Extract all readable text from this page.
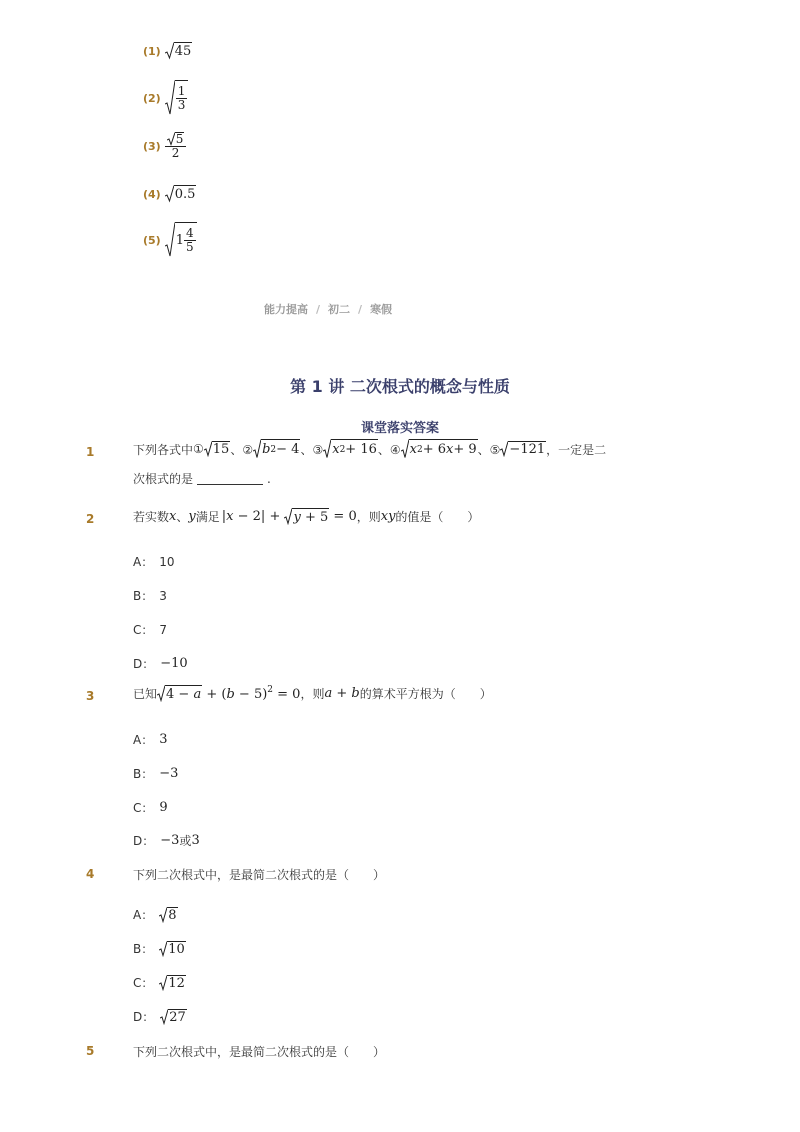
(1) 45
$(2) \frac{1}{3}$
$(3) \frac{5}{2}$
(4) 0.5
(5) $1 \frac{4}{5}$
能力提高 / 初二 / 寒假
第 1 讲 二次根式的概念与性质
课堂落实答案
1	下列各式中 ① 15 、② b 2 − 4 、③ x 2 + 16 、④ x 2 + 6 x + 9 、⑤ −121 ，一定是二
次根式的是	.
2	若实数 x 、 y 满足 |x − 2| + y + 5 = 0 ，则 xy 的值是（　　）
A： 10
B： 3
C： 7
D： −10
3	已知 $4 - a + (b - 5)^2 = 0$ ，则 a + b 的算术平方根为（　　）
A： 3
B： −3
C： 9
D： −3 或 3
4	下列二次根式中，是最简二次根式的是（　　）
A： 8
B： 10
C： 12
D： 27
5	下列二次根式中，是最简二次根式的是（　　）
